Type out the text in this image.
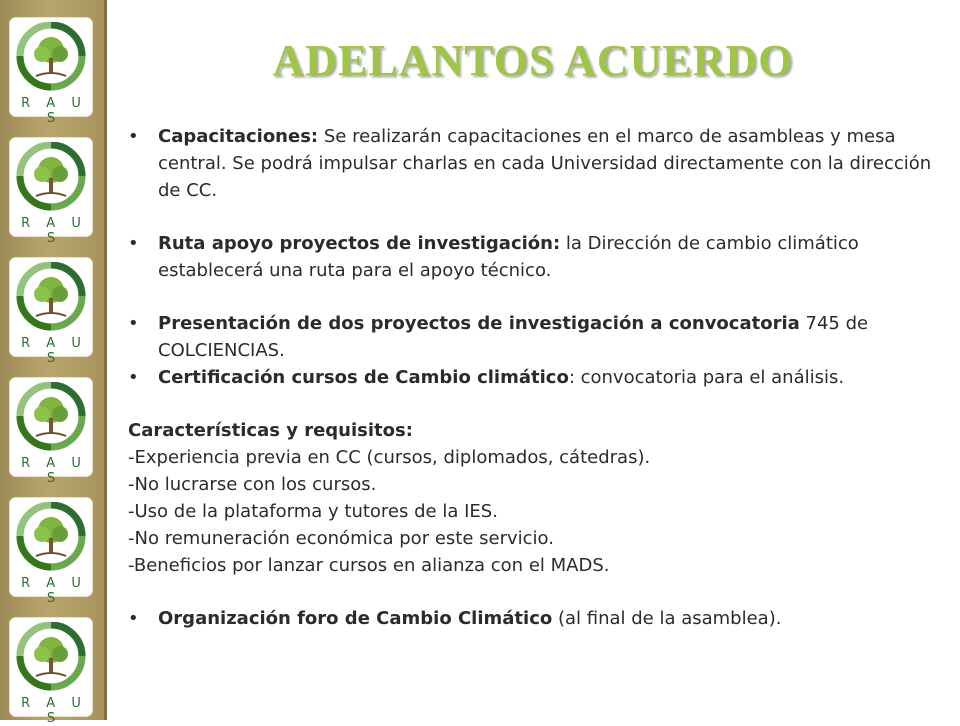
R A U S
R A U S
R A U S
R A U S
R A U S
R A U S
ADELANTOS ACUERDO
• Capacitaciones: Se realizarán capacitaciones en el marco de asambleas y mesa central. Se podrá impulsar charlas en cada Universidad directamente con la dirección de CC.
• Ruta apoyo proyectos de investigación: la Dirección de cambio climático establecerá una ruta para el apoyo técnico.
• Presentación de dos proyectos de investigación a convocatoria 745 de COLCIENCIAS.
• Certificación cursos de Cambio climático: convocatoria para el análisis.
Características y requisitos:
-Experiencia previa en CC (cursos, diplomados, cátedras).
-No lucrarse con los cursos.
-Uso de la plataforma y tutores de la IES.
-No remuneración económica por este servicio.
-Beneficios por lanzar cursos en alianza con el MADS.
• Organización foro de Cambio Climático (al final de la asamblea).
